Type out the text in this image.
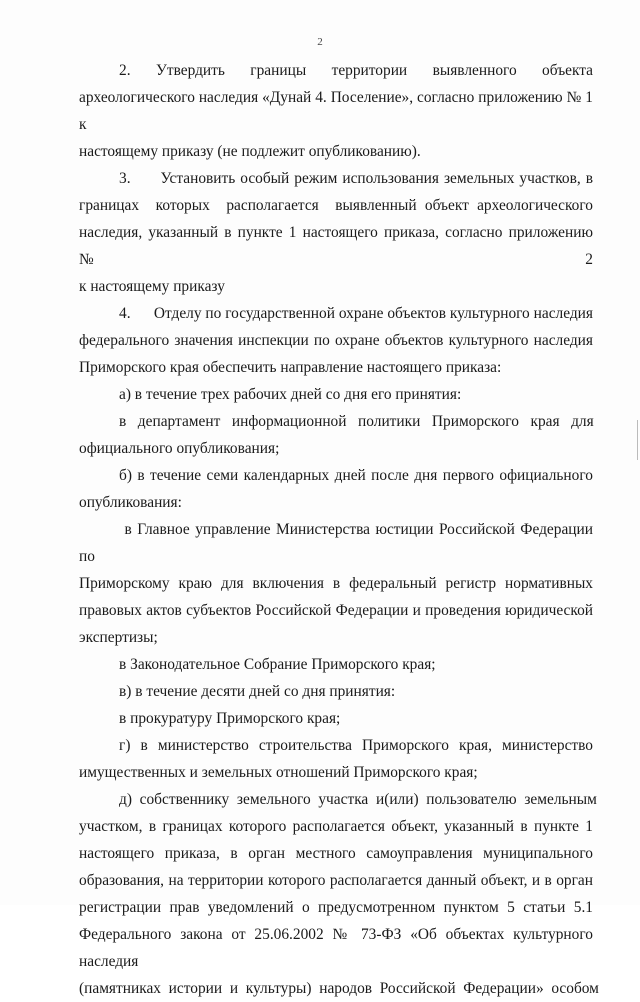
2
2.      Утвердить      границы      территории      выявленного      объекта
археологического наследия «Дунай 4. Поселение», согласно приложению № 1 к
настоящему приказу (не подлежит опубликованию).
3.      Установить особый режим использования земельных участков, в
границах    которых    располагается    выявленный  объект  археологического
наследия, указанный в пункте 1 настоящего приказа, согласно приложению № 2
к настоящему приказу
4.      Отделу по государственной охране объектов культурного наследия
федерального значения инспекции по охране объектов культурного наследия
Приморского края обеспечить направление настоящего приказа:
а) в течение трех рабочих дней со дня его принятия:
в   департамент   информационной   политики   Приморского   края   для
официального опубликования;
б) в течение семи календарных дней после дня первого официального
опубликования:
в Главное управление Министерства юстиции Российской Федерации по
Приморскому краю для включения в федеральный регистр нормативных
правовых актов субъектов Российской Федерации и проведения юридической
экспертизы;
в Законодательное Собрание Приморского края;
в) в течение десяти дней со дня принятия:
в прокуратуру Приморского края;
г)  в  министерство  строительства  Приморского  края,  министерство
имущественных и земельных отношений Приморского края;
д)  собственнику  земельного  участка  и(или)  пользователю  земельным
участком, в границах которого располагается объект, указанный в пункте 1
настоящего  приказа,  в  орган  местного  самоуправления  муниципального
образования, на территории которого располагается данный объект, и в орган
регистрации  прав  уведомлений  о  предусмотренном  пунктом  5  статьи  5.1
Федерального закона от 25.06.2002 № 73-ФЗ «Об объектах культурного наследия
(памятниках  истории  и  культуры)  народов  Российской  Федерации»  особом
